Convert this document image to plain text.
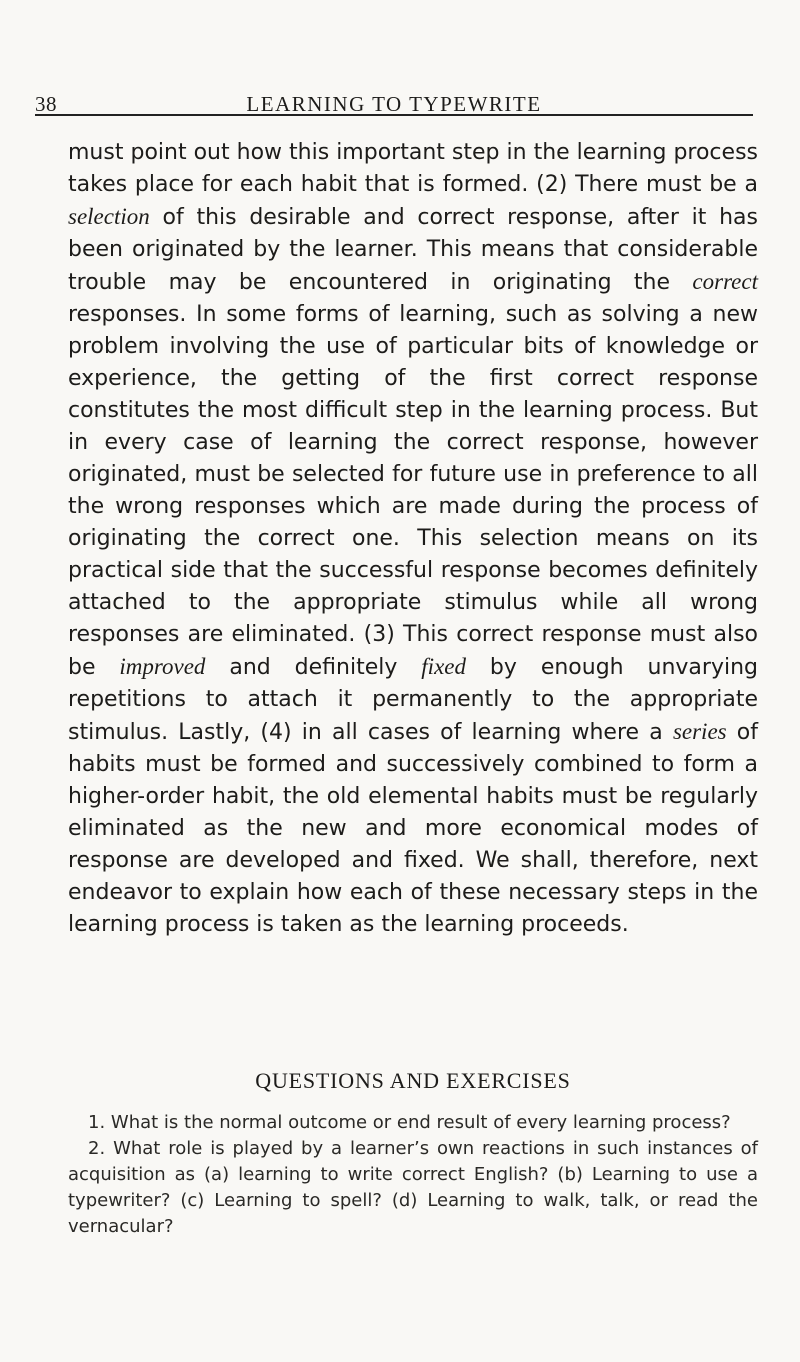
38	LEARNING TO TYPEWRITE

must point out how this important step in the learning process takes place for each habit that is formed. (2) There must be a selection of this desirable and correct response, after it has been originated by the learner. This means that considerable trouble may be encountered in originating the correct responses. In some forms of learning, such as solving a new problem involving the use of particular bits of knowledge or experience, the getting of the first correct response constitutes the most difficult step in the learning process. But in every case of learning the correct response, however originated, must be selected for future use in preference to all the wrong responses which are made during the process of originating the correct one. This selection means on its practical side that the successful response becomes definitely attached to the appropriate stimulus while all wrong responses are eliminated. (3) This correct response must also be improved and definitely fixed by enough unvarying repetitions to attach it permanently to the appropriate stimulus. Lastly, (4) in all cases of learning where a series of habits must be formed and successively combined to form a higher-order habit, the old elemental habits must be regularly eliminated as the new and more economical modes of response are developed and fixed. We shall, therefore, next endeavor to explain how each of these necessary steps in the learning process is taken as the learning proceeds.

QUESTIONS AND EXERCISES

1. What is the normal outcome or end result of every learning process?

2. What role is played by a learner’s own reactions in such instances of acquisition as (a) learning to write correct English? (b) Learning to use a typewriter? (c) Learning to spell? (d) Learning to walk, talk, or read the vernacular?
